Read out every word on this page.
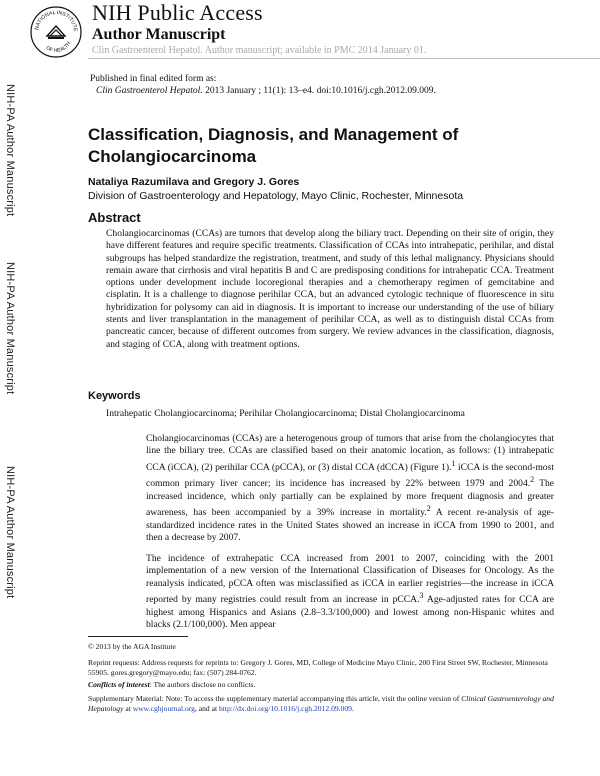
NATIONAL INSTITUTE
OF HEALTH
NIH Public Access
Author Manuscript
Clin Gastroenterol Hepatol. Author manuscript; available in PMC 2014 January 01.
Published in final edited form as:
Clin Gastroenterol Hepatol. 2013 January ; 11(1): 13–e4. doi:10.1016/j.cgh.2012.09.009.
NIH-PA Author Manuscript
NIH-PA Author Manuscript
NIH-PA Author Manuscript
Classification, Diagnosis, and Management of Cholangiocarcinoma
Nataliya Razumilava and Gregory J. Gores
Division of Gastroenterology and Hepatology, Mayo Clinic, Rochester, Minnesota
Abstract
Cholangiocarcinomas (CCAs) are tumors that develop along the biliary tract. Depending on their site of origin, they have different features and require specific treatments. Classification of CCAs into intrahepatic, perihilar, and distal subgroups has helped standardize the registration, treatment, and study of this lethal malignancy. Physicians should remain aware that cirrhosis and viral hepatitis B and C are predisposing conditions for intrahepatic CCA. Treatment options under development include locoregional therapies and a chemotherapy regimen of gemcitabine and cisplatin. It is a challenge to diagnose perihilar CCA, but an advanced cytologic technique of fluorescence in situ hybridization for polysomy can aid in diagnosis. It is important to increase our understanding of the use of biliary stents and liver transplantation in the management of perihilar CCA, as well as to distinguish distal CCAs from pancreatic cancer, because of different outcomes from surgery. We review advances in the classification, diagnosis, and staging of CCA, along with treatment options.
Keywords
Intrahepatic Cholangiocarcinoma; Perihilar Cholangiocarcinoma; Distal Cholangiocarcinoma

Cholangiocarcinomas (CCAs) are a heterogenous group of tumors that arise from the cholangiocytes that line the biliary tree. CCAs are classified based on their anatomic location, as follows: (1) intrahepatic CCA (iCCA), (2) perihilar CCA (pCCA), or (3) distal CCA (dCCA) (Figure 1).$^1$ iCCA is the second-most common primary liver cancer; its incidence has increased by 22% between 1979 and 2004.$^2$ The increased incidence, which only partially can be explained by more frequent diagnosis and greater awareness, has been accompanied by a 39% increase in mortality.$^2$ A recent re-analysis of age-standardized incidence rates in the United States showed an increase in iCCA from 1990 to 2001, and then a decrease by 2007.

The incidence of extrahepatic CCA increased from 2001 to 2007, coinciding with the 2001 implementation of a new version of the International Classification of Diseases for Oncology. As the reanalysis indicated, pCCA often was misclassified as iCCA in earlier registries—the increase in iCCA reported by many registries could result from an increase in pCCA.$^3$ Age-adjusted rates for CCA are highest among Hispanics and Asians (2.8–3.3/100,000) and lowest among non-Hispanic whites and blacks (2.1/100,000). Men appear

© 2013 by the AGA Institute
Reprint requests: Address requests for reprints to: Gregory J. Gores, MD, College of Medicine Mayo Clinic, 200 First Street SW, Rochester, Minnesota 55905. gores.gregory@mayo.edu; fax: (507) 284-0762.
Conflicts of interest: The authors disclose no conflicts.
Supplementary Material: Note: To access the supplementary material accompanying this article, visit the online version of Clinical Gastroenterology and Hepatology at www.cghjournal.org, and at http://dx.doi.org/10.1016/j.cgh.2012.09.009.
